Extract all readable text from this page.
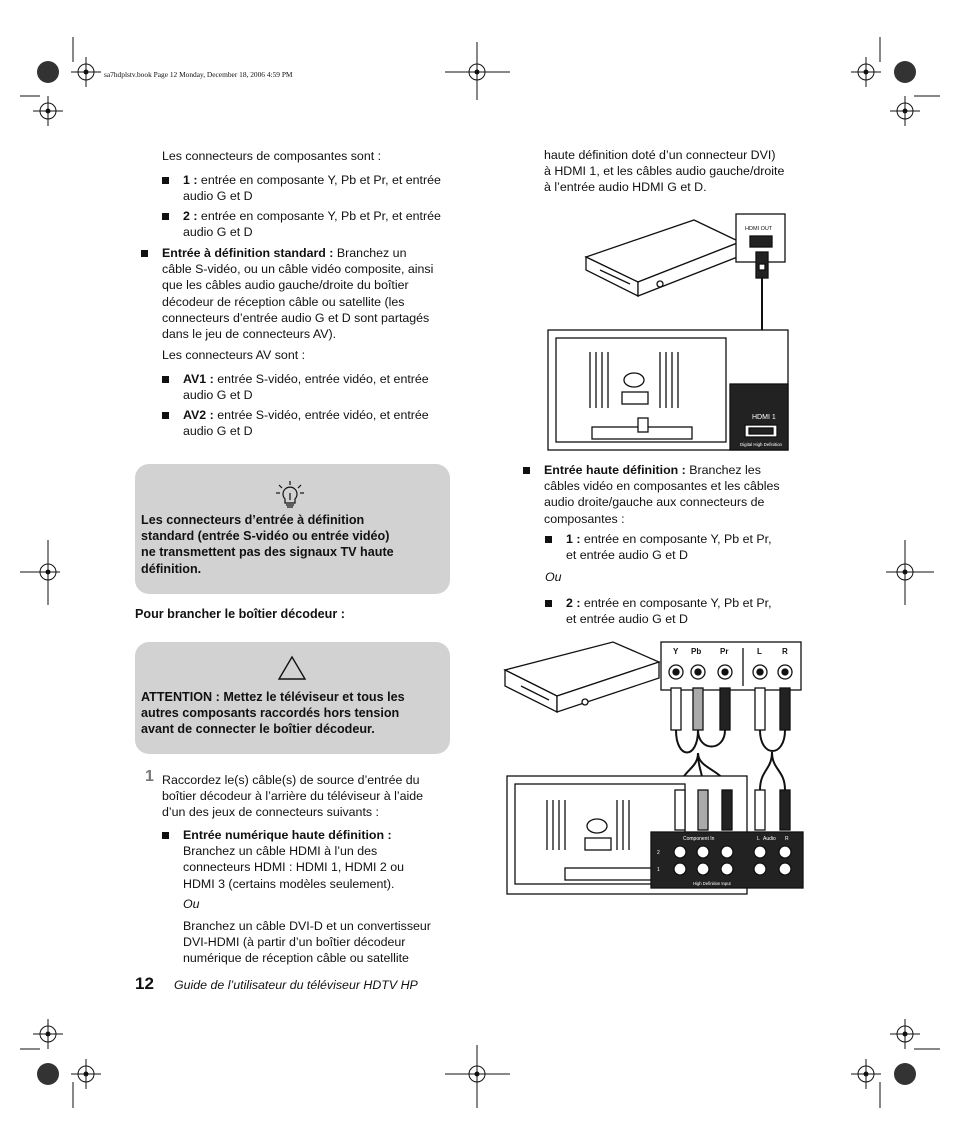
sa7hdplstv.book Page 12 Monday, December 18, 2006 4:59 PM
Les connecteurs de composantes sont :
1 : entrée en composante Y, Pb et Pr, et entrée
audio G et D
2 : entrée en composante Y, Pb et Pr, et entrée
audio G et D
Entrée à définition standard : Branchez un
câble S-vidéo, ou un câble vidéo composite, ainsi
que les câbles audio gauche/droite du boîtier
décodeur de réception câble ou satellite (les
connecteurs d’entrée audio G et D sont partagés
dans le jeu de connecteurs AV).
Les connecteurs AV sont :
AV1 : entrée S-vidéo, entrée vidéo, et entrée
audio G et D
AV2 : entrée S-vidéo, entrée vidéo, et entrée
audio G et D
Les connecteurs d’entrée à définition
standard (entrée S-vidéo ou entrée vidéo)
ne transmettent pas des signaux TV haute
définition.
Pour brancher le boîtier décodeur :
ATTENTION : Mettez le téléviseur et tous les
autres composants raccordés hors tension
avant de connecter le boîtier décodeur.
1 Raccordez le(s) câble(s) de source d’entrée du
boîtier décodeur à l’arrière du téléviseur à l’aide
d’un des jeux de connecteurs suivants :
Entrée numérique haute définition :
Branchez un câble HDMI à l’un des
connecteurs HDMI : HDMI 1, HDMI 2 ou
HDMI 3 (certains modèles seulement).
Ou
Branchez un câble DVI-D et un convertisseur
DVI-HDMI (à partir d’un boîtier décodeur
numérique de réception câble ou satellite
haute définition doté d’un connecteur DVI)
à HDMI 1, et les câbles audio gauche/droite
à l’entrée audio HDMI G et D.
HDMI OUT
HDMI 1
Digital High Definition
Entrée haute définition : Branchez les
câbles vidéo en composantes et les câbles
audio droite/gauche aux connecteurs de
composantes :
1 : entrée en composante Y, Pb et Pr,
et entrée audio G et D
Ou
2 : entrée en composante Y, Pb et Pr,
et entrée audio G et D
Y Pb Pr	L	R
Component In	Audio
L	R
2
1
High Definition Input
12 Guide de l’utilisateur du téléviseur HDTV HP
